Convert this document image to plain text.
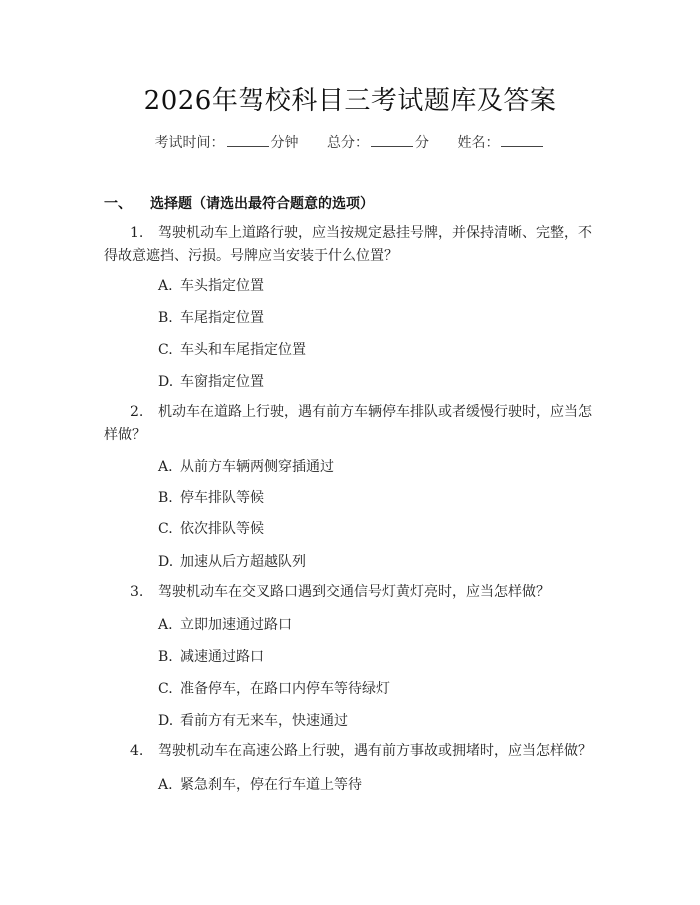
2026年驾校科目三考试题库及答案
考试时间：	分钟 总分：	分 姓名：
一、 选择题（请选出最符合题意的选项）
1. 驾驶机动车上道路行驶，应当按规定悬挂号牌，并保持清晰、完整，不得故意遮挡、污损。号牌应当安装于什么位置？
A. 车头指定位置
B. 车尾指定位置
C. 车头和车尾指定位置
D. 车窗指定位置
2. 机动车在道路上行驶，遇有前方车辆停车排队或者缓慢行驶时，应当怎样做？
A. 从前方车辆两侧穿插通过
B. 停车排队等候
C. 依次排队等候
D. 加速从后方超越队列
3. 驾驶机动车在交叉路口遇到交通信号灯黄灯亮时，应当怎样做？
A. 立即加速通过路口
B. 减速通过路口
C. 准备停车，在路口内停车等待绿灯
D. 看前方有无来车，快速通过
4. 驾驶机动车在高速公路上行驶，遇有前方事故或拥堵时，应当怎样做？
A. 紧急刹车，停在行车道上等待
